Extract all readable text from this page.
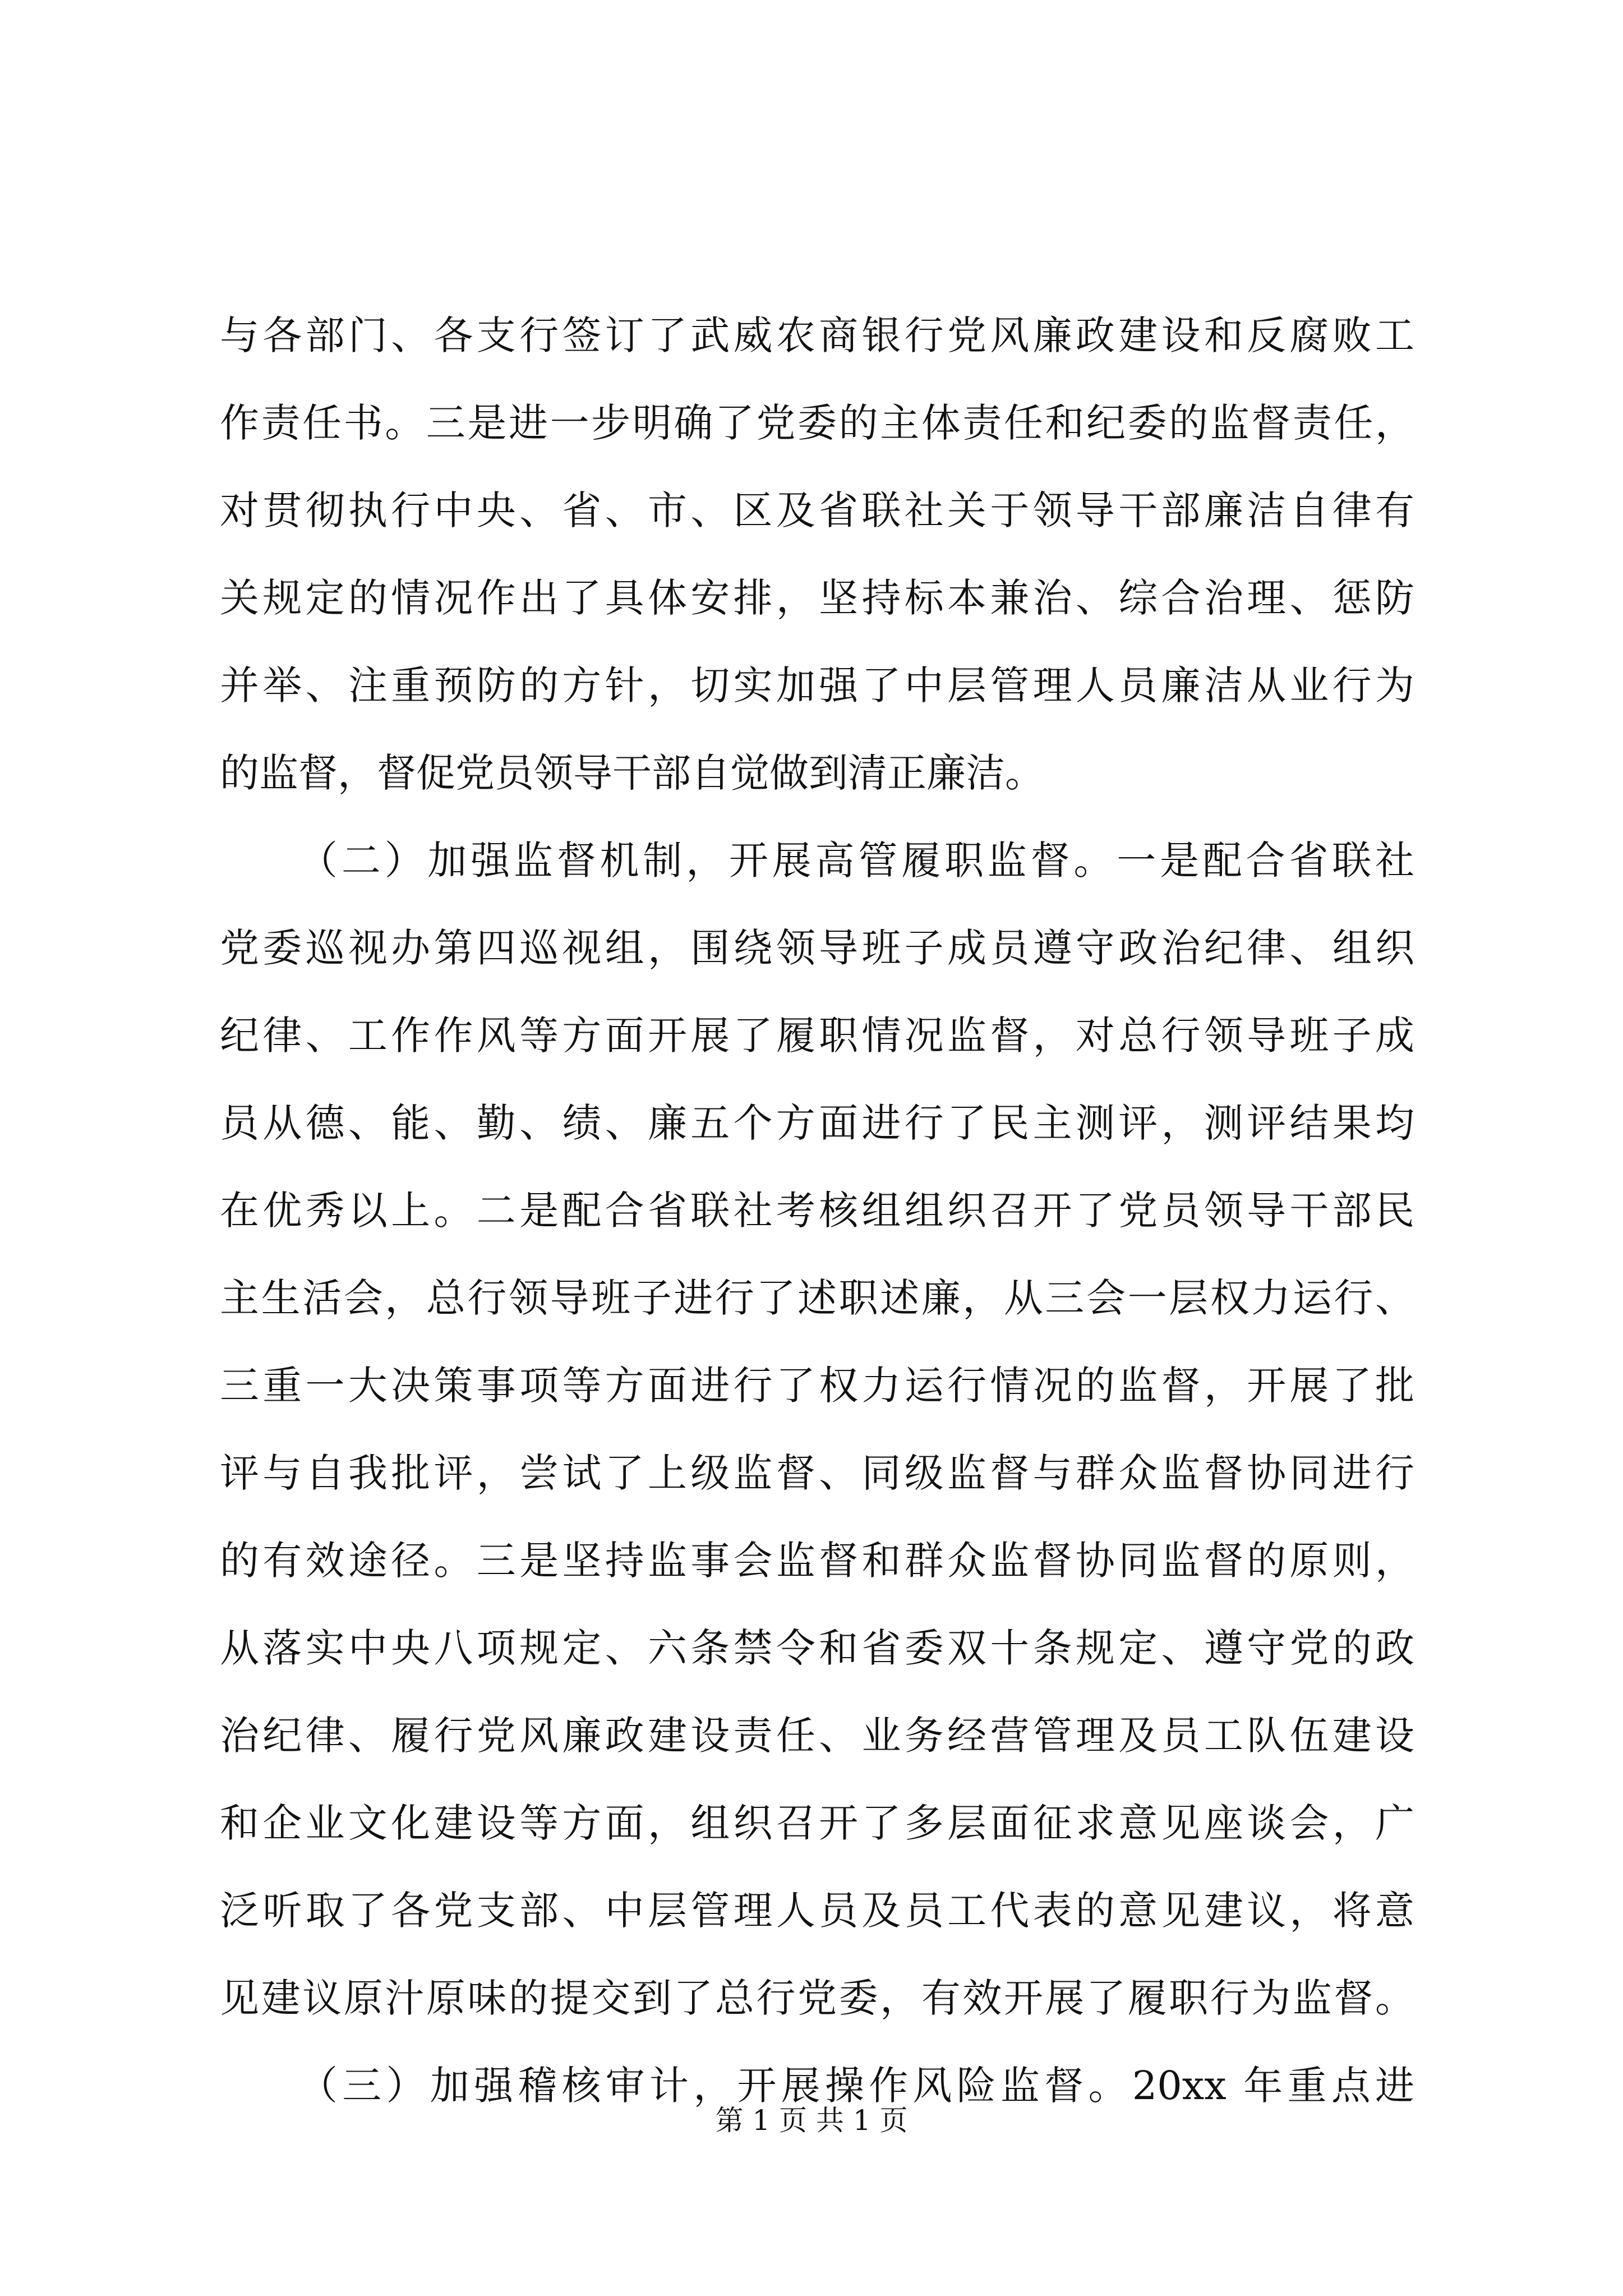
与各部门、各支行签订了武威农商银行党风廉政建设和反腐败工
作责任书。三是进一步明确了党委的主体责任和纪委的监督责任，
对贯彻执行中央、省、市、区及省联社关于领导干部廉洁自律有
关规定的情况作出了具体安排，坚持标本兼治、综合治理、惩防
并举、注重预防的方针，切实加强了中层管理人员廉洁从业行为
的监督，督促党员领导干部自觉做到清正廉洁。
（二）加强监督机制，开展高管履职监督。一是配合省联社
党委巡视办第四巡视组，围绕领导班子成员遵守政治纪律、组织
纪律、工作作风等方面开展了履职情况监督，对总行领导班子成
员从德、能、勤、绩、廉五个方面进行了民主测评，测评结果均
在优秀以上。二是配合省联社考核组组织召开了党员领导干部民
主生活会，总行领导班子进行了述职述廉，从三会一层权力运行、
三重一大决策事项等方面进行了权力运行情况的监督，开展了批
评与自我批评，尝试了上级监督、同级监督与群众监督协同进行
的有效途径。三是坚持监事会监督和群众监督协同监督的原则，
从落实中央八项规定、六条禁令和省委双十条规定、遵守党的政
治纪律、履行党风廉政建设责任、业务经营管理及员工队伍建设
和企业文化建设等方面，组织召开了多层面征求意见座谈会，广
泛听取了各党支部、中层管理人员及员工代表的意见建议，将意
见建议原汁原味的提交到了总行党委，有效开展了履职行为监督。
（三）加强稽核审计，开展操作风险监督。20xx 年重点进
第 1 页 共 1 页
